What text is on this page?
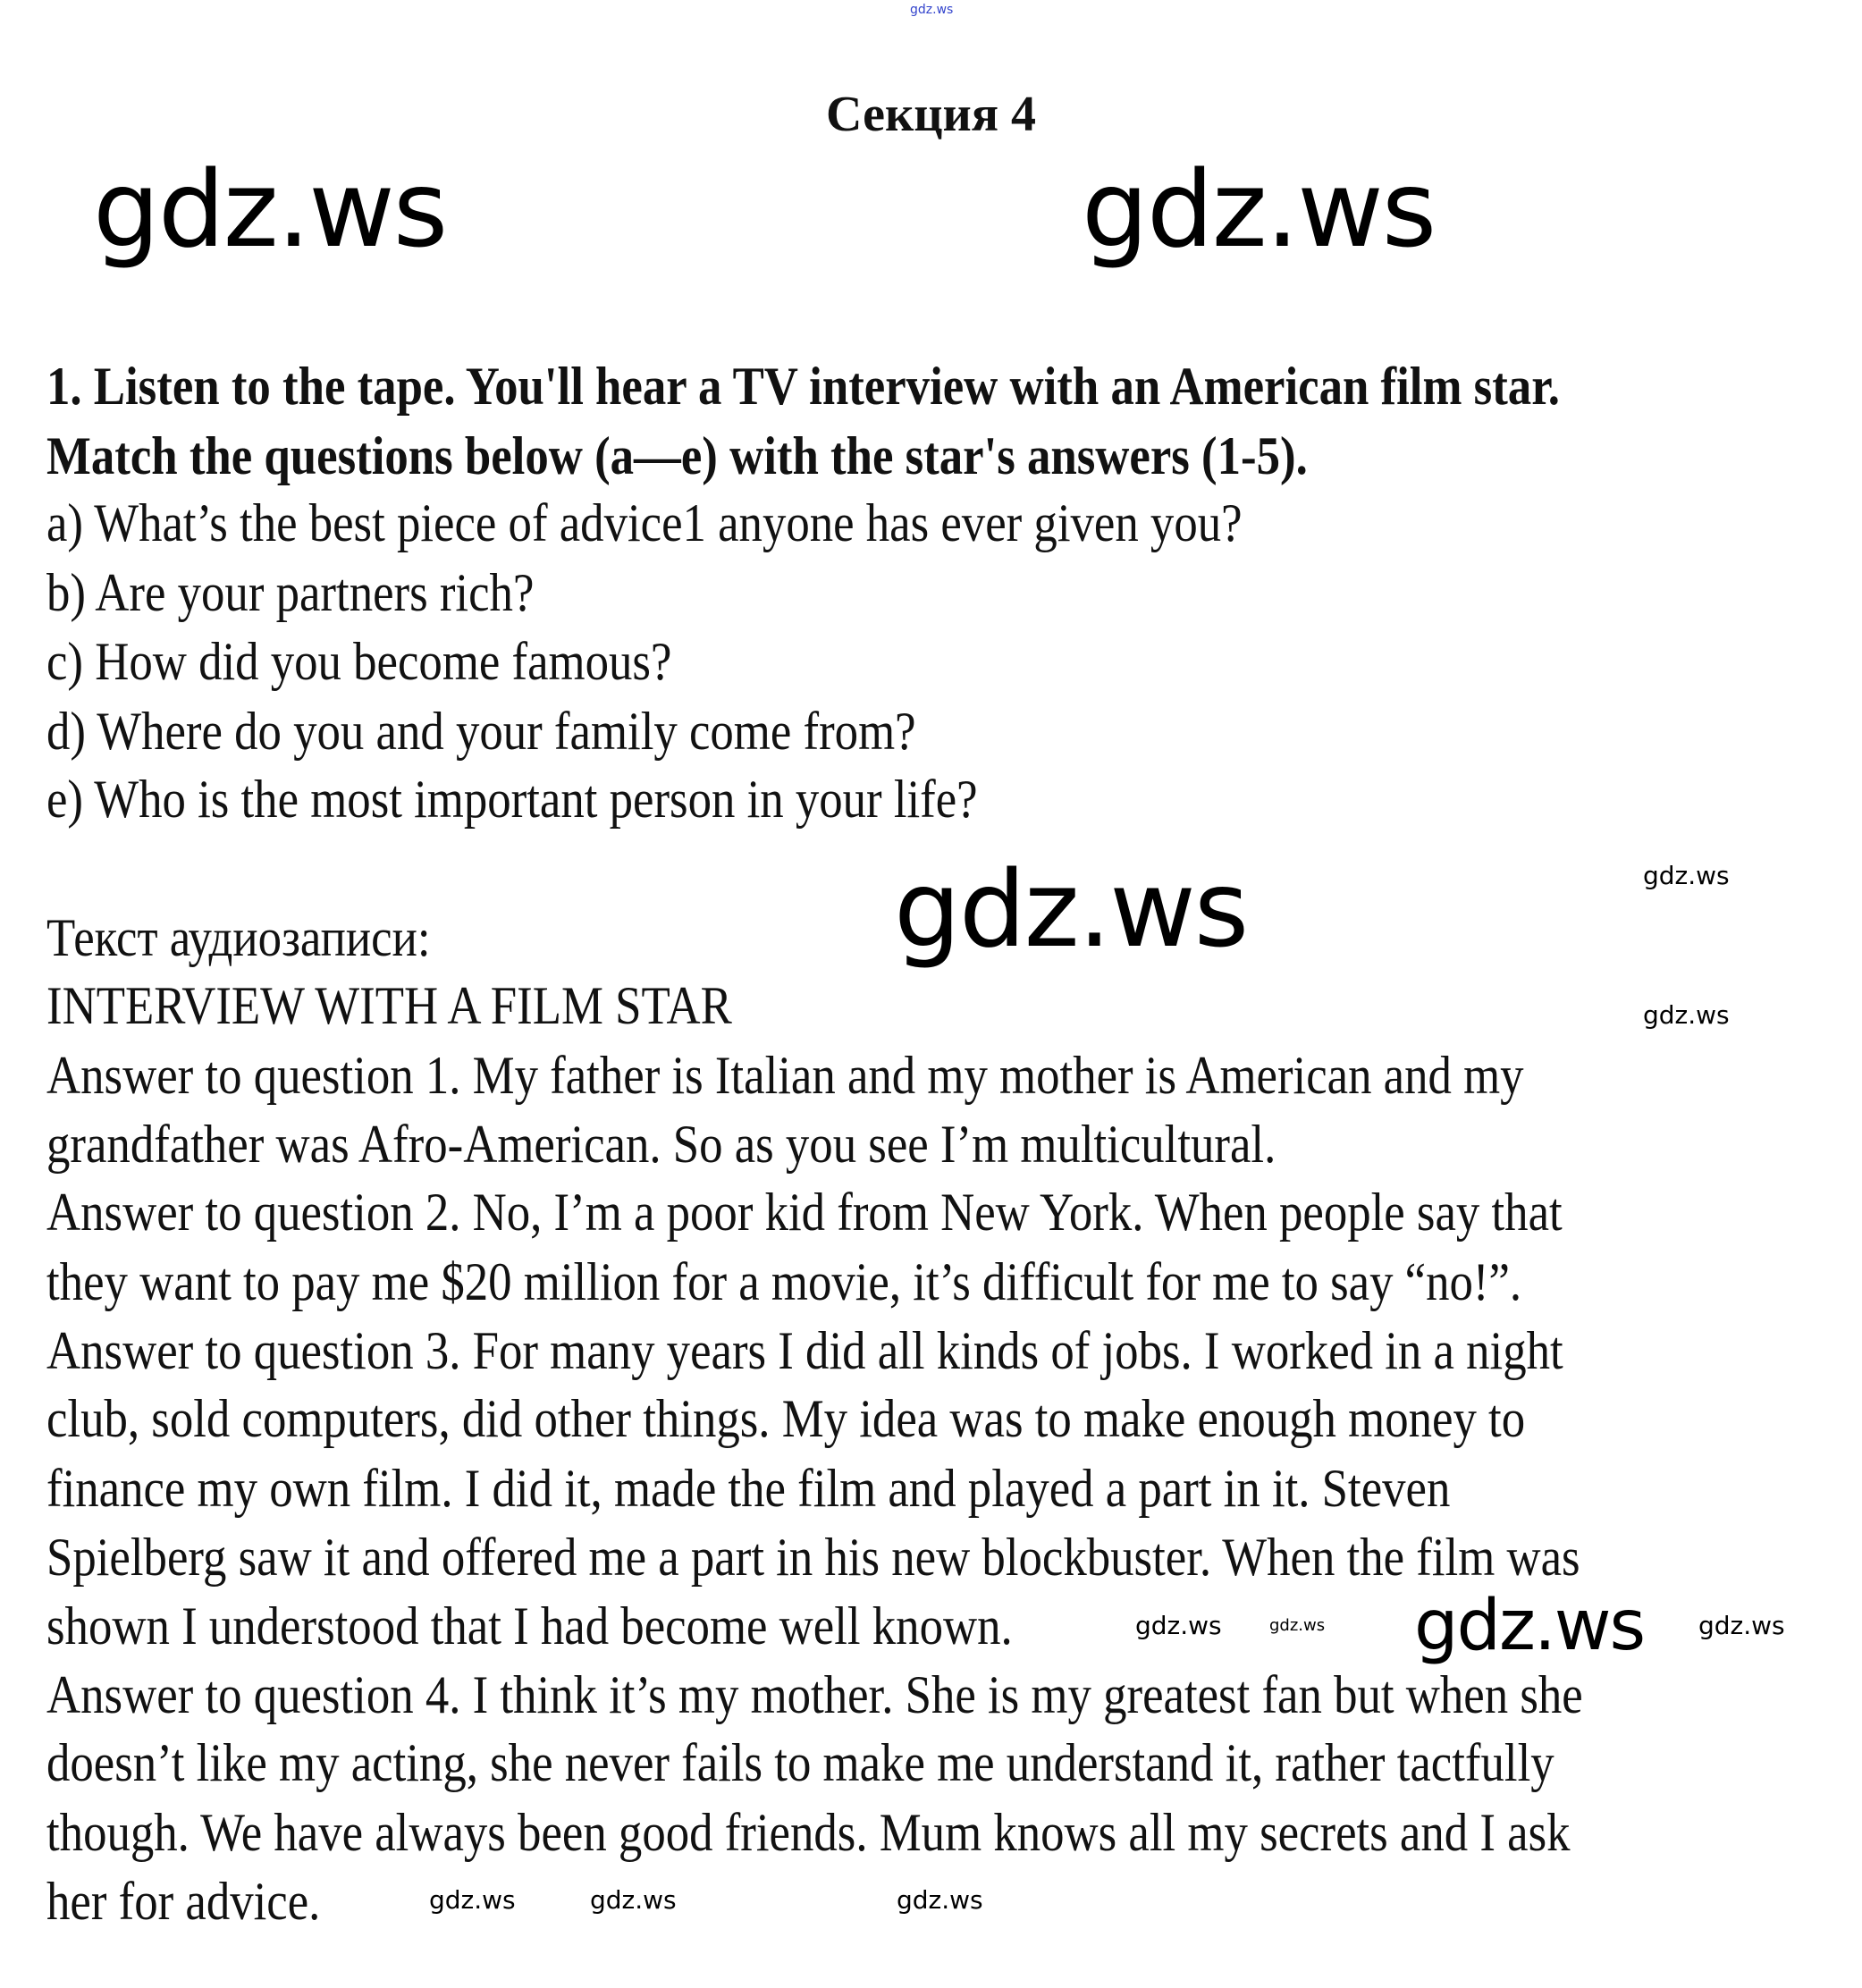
gdz.ws
Секция 4
gdz.ws	gdz.ws
1. Listen to the tape. You'll hear a TV interview with an American film star.
Match the questions below (a—e) with the star's answers (1-5).
a) What’s the best piece of advice1 anyone has ever given you?
b) Are your partners rich?
c) How did you become famous?
d) Where do you and your family come from?
e) Who is the most important person in your life?
gdz.ws
Текст аудиозаписи:	gdz.ws
INTERVIEW WITH A FILM STAR	gdz.ws
Answer to question 1. My father is Italian and my mother is American and my
grandfather was Afro-American. So as you see I’m multicultural.
Answer to question 2. No, I’m a poor kid from New York. When people say that
they want to pay me $20 million for a movie, it’s difficult for me to say “no!”.
Answer to question 3. For many years I did all kinds of jobs. I worked in a night
club, sold computers, did other things. My idea was to make enough money to
finance my own film. I did it, made the film and played a part in it. Steven
Spielberg saw it and offered me a part in his new blockbuster. When the film was
shown I understood that I had become well known.
Answer to question 4. I think it’s my mother. She is my greatest fan but when she
doesn’t like my acting, she never fails to make me understand it, rather tactfully
though. We have always been good friends. Mum knows all my secrets and I ask
her for advice.
gdz.ws
gdz.ws	gdz.ws	gdz.ws
gdz.ws	gdz.ws	gdz.ws
